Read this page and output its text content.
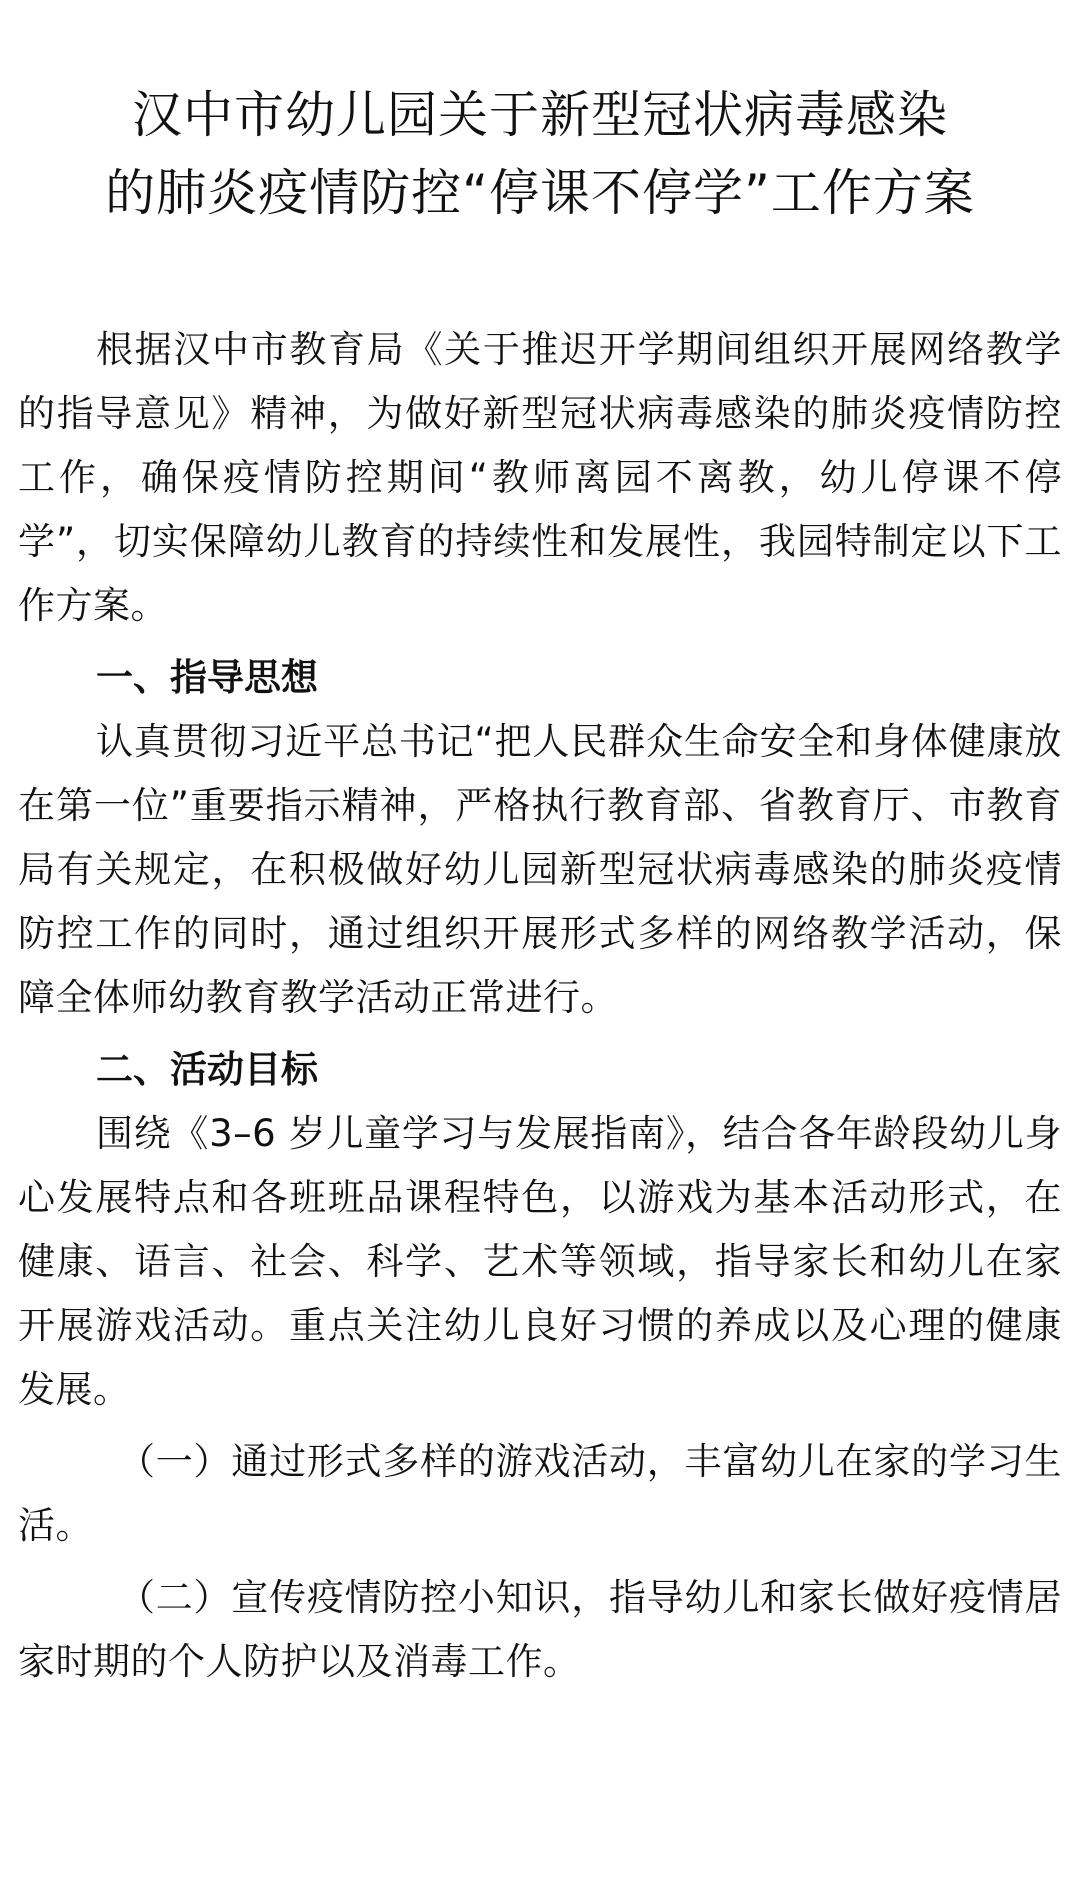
汉中市幼儿园关于新型冠状病毒感染
的肺炎疫情防控“停课不停学”工作方案

根据汉中市教育局《关于推迟开学期间组织开展网络教学的指导意见》精神，为做好新型冠状病毒感染的肺炎疫情防控工作，确保疫情防控期间“教师离园不离教，幼儿停课不停学”，切实保障幼儿教育的持续性和发展性，我园特制定以下工作方案。

一、指导思想

认真贯彻习近平总书记“把人民群众生命安全和身体健康放在第一位”重要指示精神，严格执行教育部、省教育厅、市教育局有关规定，在积极做好幼儿园新型冠状病毒感染的肺炎疫情防控工作的同时，通过组织开展形式多样的网络教学活动，保障全体师幼教育教学活动正常进行。

二、活动目标

围绕《3–6 岁儿童学习与发展指南》，结合各年龄段幼儿身心发展特点和各班班品课程特色，以游戏为基本活动形式，在健康、语言、社会、科学、艺术等领域，指导家长和幼儿在家开展游戏活动。重点关注幼儿良好习惯的养成以及心理的健康发展。

（一）通过形式多样的游戏活动，丰富幼儿在家的学习生活。

（二）宣传疫情防控小知识，指导幼儿和家长做好疫情居家时期的个人防护以及消毒工作。
